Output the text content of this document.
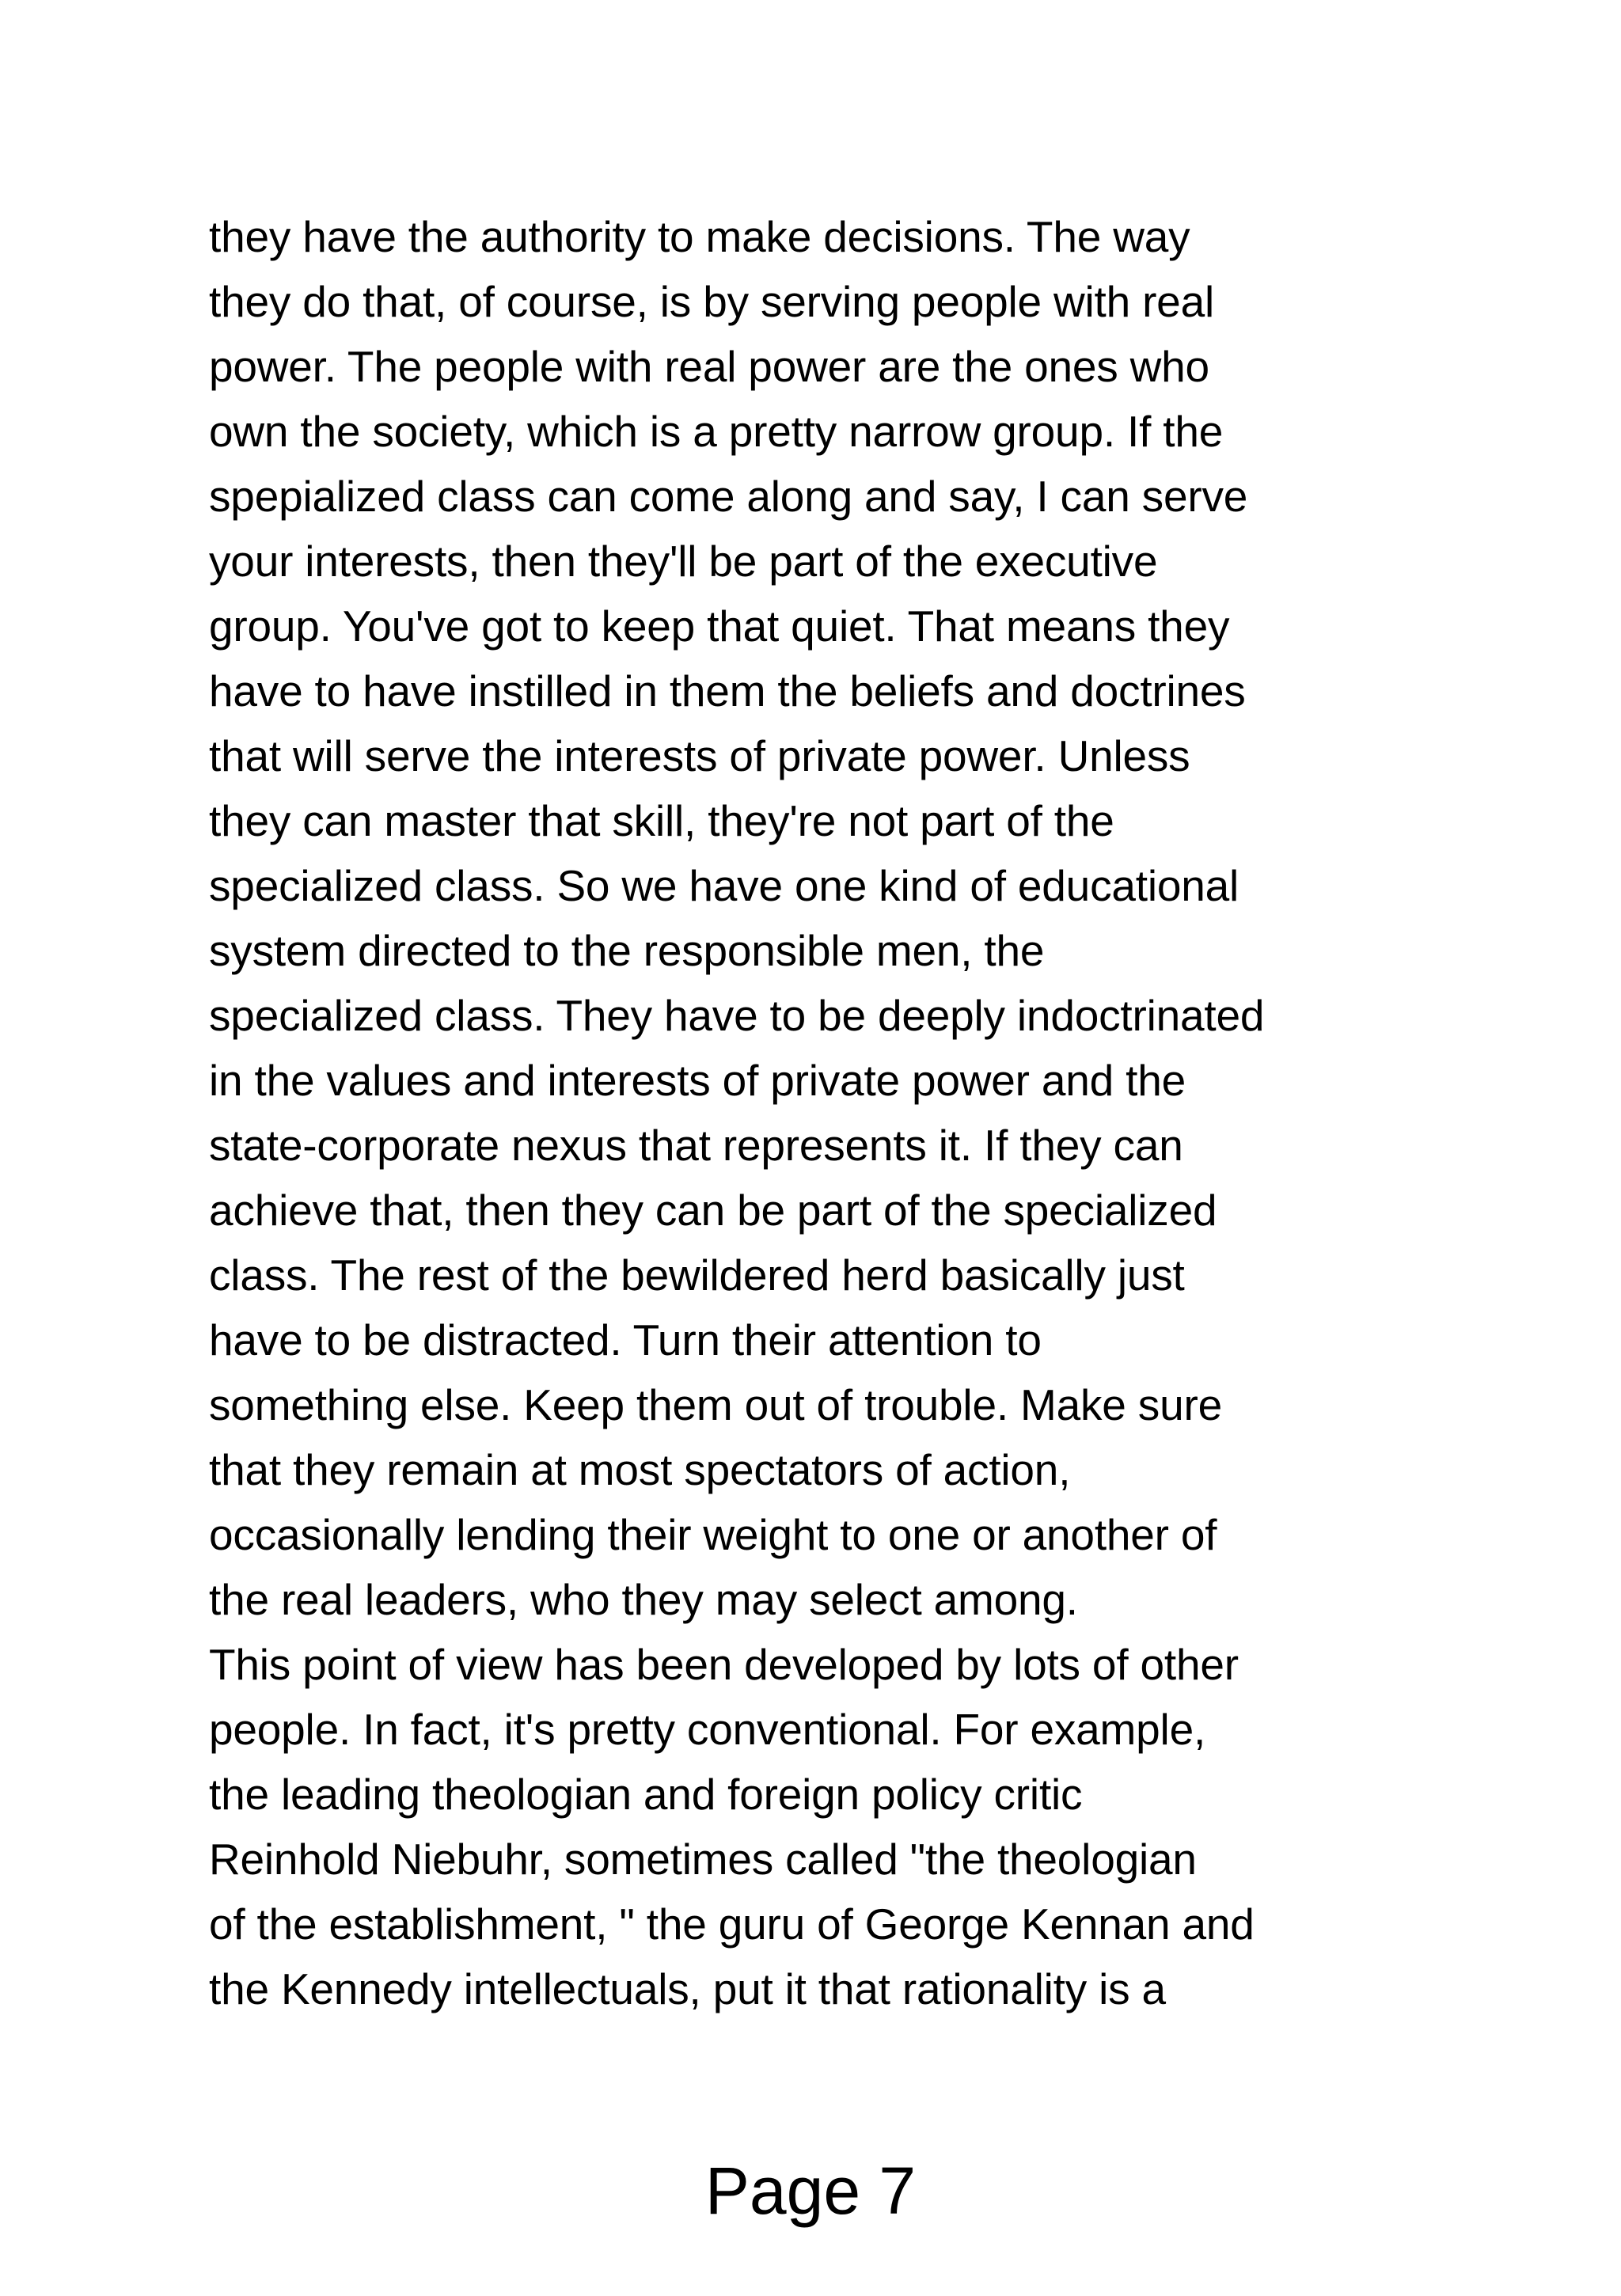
they have the authority to make decisions. The way
they do that, of course, is by serving people with real
power. The people with real power are the ones who
own the society, which is a pretty narrow group. If the
spepialized class can come along and say, I can serve
your interests, then they'll be part of the executive
group. You've got to keep that quiet. That means they
have to have instilled in them the beliefs and doctrines
that will serve the interests of private power. Unless
they can master that skill, they're not part of the
specialized class. So we have one kind of educational
system directed to the responsible men, the
specialized class. They have to be deeply indoctrinated
in the values and interests of private power and the
state-corporate nexus that represents it. If they can
achieve that, then they can be part of the specialized
class. The rest of the bewildered herd basically just
have to be distracted. Turn their attention to
something else. Keep them out of trouble. Make sure
that they remain at most spectators of action,
occasionally lending their weight to one or another of
the real leaders, who they may select among.
This point of view has been developed by lots of other
people. In fact, it's pretty conventional. For example,
the leading theologian and foreign policy critic
Reinhold Niebuhr, sometimes called "the theologian
of the establishment, " the guru of George Kennan and
the Kennedy intellectuals, put it that rationality is a
Page 7
